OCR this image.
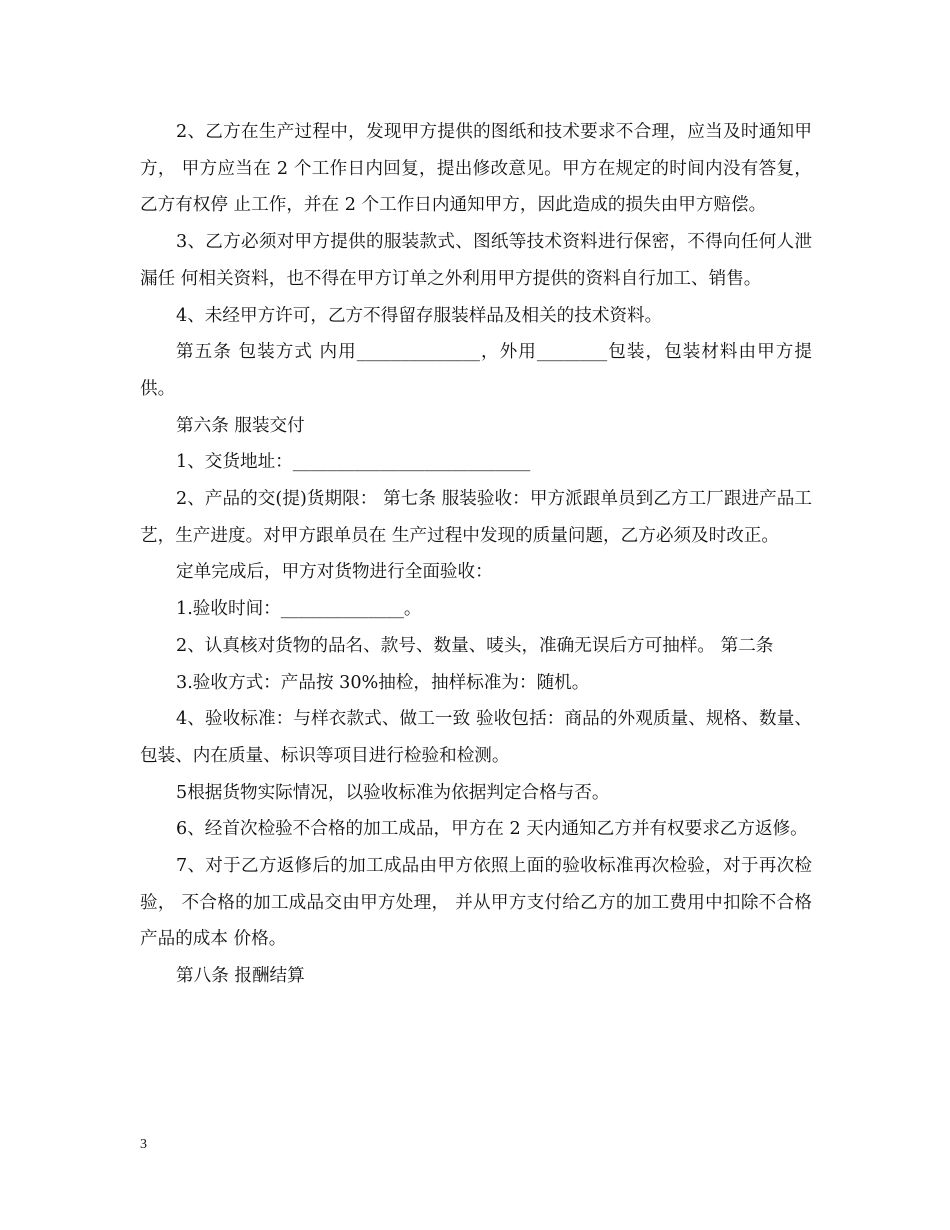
2、乙方在生产过程中，发现甲方提供的图纸和技术要求不合理，应当及时通知甲方， 甲方应当在 2 个工作日内回复，提出修改意见。甲方在规定的时间内没有答复，乙方有权停 止工作，并在 2 个工作日内通知甲方，因此造成的损失由甲方赔偿。

3、乙方必须对甲方提供的服装款式、图纸等技术资料进行保密，不得向任何人泄漏任 何相关资料，也不得在甲方订单之外利用甲方提供的资料自行加工、销售。

4、未经甲方许可，乙方不得留存服装样品及相关的技术资料。

第五条 包装方式 内用______________，外用________包装，包装材料由甲方提供。

第六条 服装交付

1、交货地址：___________________________

2、产品的交(提)货期限： 第七条 服装验收：甲方派跟单员到乙方工厂跟进产品工艺，生产进度。对甲方跟单员在 生产过程中发现的质量问题，乙方必须及时改正。

定单完成后，甲方对货物进行全面验收：

1.验收时间：______________。

2、认真核对货物的品名、款号、数量、唛头，准确无误后方可抽样。 第二条

3.验收方式：产品按 30%抽检，抽样标准为：随机。

4、验收标准：与样衣款式、做工一致 验收包括：商品的外观质量、规格、数量、包装、内在质量、标识等项目进行检验和检测。

5根据货物实际情况，以验收标准为依据判定合格与否。

6、经首次检验不合格的加工成品，甲方在 2 天内通知乙方并有权要求乙方返修。

7、对于乙方返修后的加工成品由甲方依照上面的验收标准再次检验，对于再次检验， 不合格的加工成品交由甲方处理， 并从甲方支付给乙方的加工费用中扣除不合格产品的成本 价格。

第八条 报酬结算

3
